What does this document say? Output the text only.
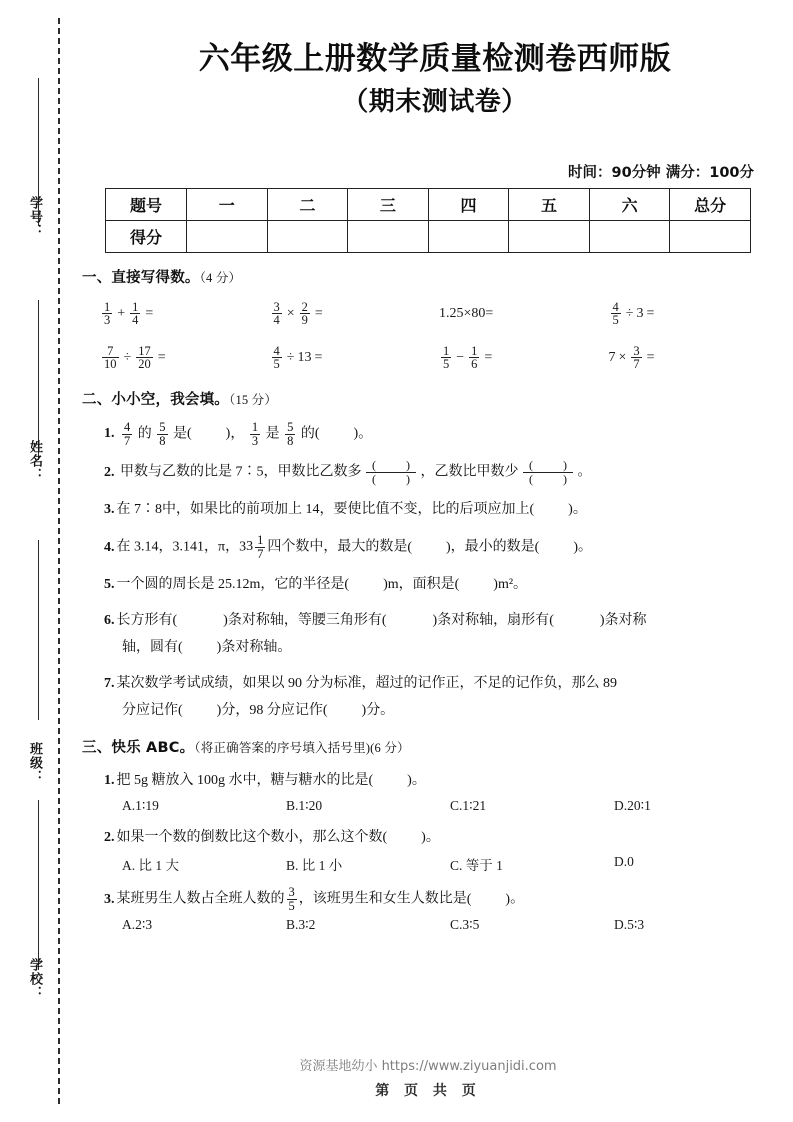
学号：
姓名：
班级：
学校：
六年级上册数学质量检测卷西师版
（期末测试卷）
时间：90分钟 满分：100分
题号	一	二	三	四	五	六	总分
得分							
一、直接写得数。（4 分）
$\frac{1}{3} + \frac{1}{4}$ =	$\frac{3}{4} \times \frac{2}{9}$ =	1.25×80=	$\frac{4}{5} \div 3$ =
$\frac{7}{10} \div \frac{17}{20}$ =	$\frac{4}{5} \div 13$ =	$\frac{1}{5} - \frac{1}{6}$ =	$7 \times \frac{3}{7}$ =
二、小小空，我会填。（15 分）
1. $\frac{4}{7}$ 的 $\frac{5}{8}$ 是 (  )	， $\frac{1}{3}$ 是 $\frac{5}{8}$ 的 (  )	。
2. 甲数与乙数的比是 7∶5，甲数比乙数多 (  ) (  )	，乙数比甲数少 (  ) (  )	。
3. 在 7∶8中，如果比的前项加上 14，要使比值不变，比的后项应加上 (  )	。
4. 在 3.14，3.141，π，3 $3 \frac{1}{7}$ 四个数中，最大的数是 (  )	，最小的数是 (  )	。
5. 一个圆的周长是 25.12m，它的半径是 (  )	m，面积是 (  )	m²。
6. 长方形有 (  )	条对称轴，等腰三角形有 (  )	条对称轴，扇形有 (  )	条对称
轴，圆有 (  )	条对称轴。
7. 某次数学考试成绩，如果以 90 分为标准，超过的记作正，不足的记作负，那么 89
分应记作 (  )	分，98 分应记作 (  )	分。
三、快乐 ABC。（将正确答案的序号填入括号里)(6 分）
1. 把 5g 糖放入 100g 水中，糖与糖水的比是 (  )	。
A.1∶19	B.1∶20	C.1∶21	D.20∶1
2. 如果一个数的倒数比这个数小，那么这个数 (  )	。
A. 比 1 大	B. 比 1 小	C. 等于 1	D.0
3. 某班男生人数占全班人数的 $\frac{3}{5}$ ，该班男生和女生人数比是 (  )	。
A.2∶3	B.3∶2	C.3∶5	D.5∶3
资源基地幼小 https://www.ziyuanjidi.com
第 页 共 页
